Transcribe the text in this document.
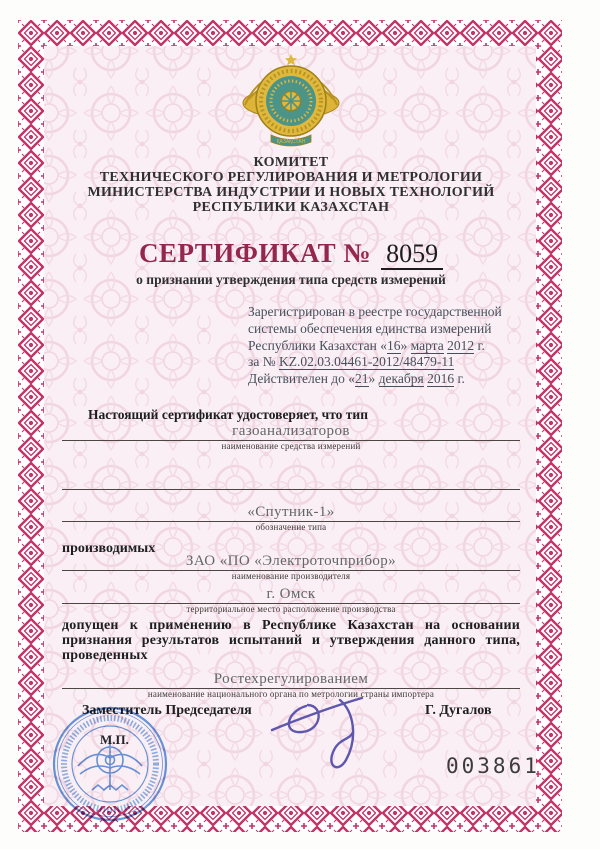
ҚАЗАҚСТАН
КОМИТЕТ
ТЕХНИЧЕСКОГО РЕГУЛИРОВАНИЯ И МЕТРОЛОГИИ
МИНИСТЕРСТВА ИНДУСТРИИ И НОВЫХ ТЕХНОЛОГИЙ
РЕСПУБЛИКИ КАЗАХСТАН
СЕРТИФИКАТ № 8059
о признании утверждения типа средств измерений
Зарегистрирован в реестре государственной
системы обеспечения единства измерений
Республики Казахстан «16» марта 2012 г.
за № KZ.02.03.04461-2012/48479-11
Действителен до «21» декабря 2016 г.
Настоящий сертификат удостоверяет, что тип
газоанализаторов
наименование средства измерений
«Спутник-1»
обозначение типа
производимых
ЗАО «ПО «Электроточприбор»
наименование производителя
г. Омск
территориальное место расположение производства
допущен к применению в Республике Казахстан на основании признания результатов испытаний и утверждения данного типа, проведенных
Ростехрегулированием
наименование национального органа по метрологии страны импортера
Заместитель Председателя	Г. Дугалов
М.П.
003861
